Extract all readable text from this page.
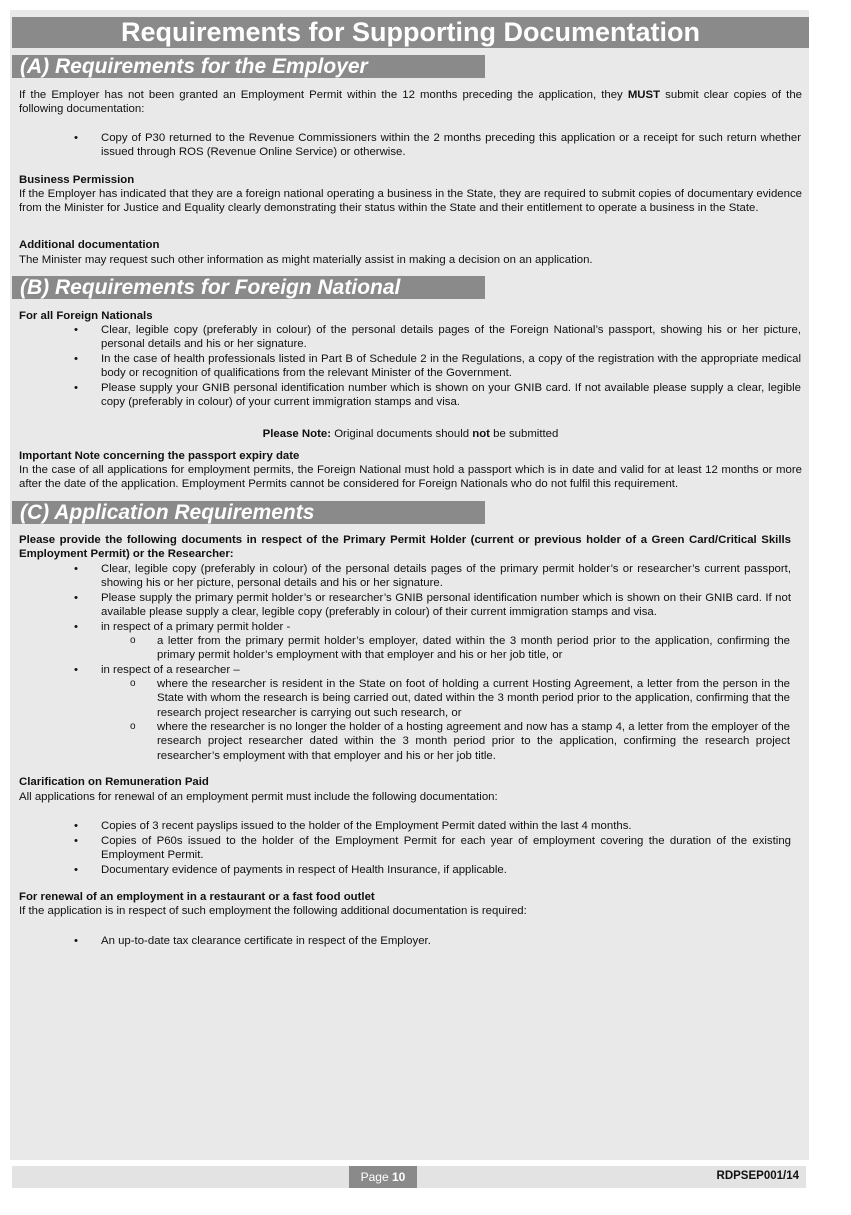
Requirements for Supporting Documentation
(A) Requirements for the Employer
If the Employer has not been granted an Employment Permit within the 12 months preceding the application, they MUST submit clear copies of the following documentation:
• Copy of P30 returned to the Revenue Commissioners within the 2 months preceding this application or a receipt for such return whether issued through ROS (Revenue Online Service) or otherwise.
Business Permission
If the Employer has indicated that they are a foreign national operating a business in the State, they are required to submit copies of documentary evidence from the Minister for Justice and Equality clearly demonstrating their status within the State and their entitlement to operate a business in the State.
Additional documentation
The Minister may request such other information as might materially assist in making a decision on an application.
(B) Requirements for Foreign National
For all Foreign Nationals
• Clear, legible copy (preferably in colour) of the personal details pages of the Foreign National’s passport, showing his or her picture, personal details and his or her signature.
• In the case of health professionals listed in Part B of Schedule 2 in the Regulations, a copy of the registration with the appropriate medical body or recognition of qualifications from the relevant Minister of the Government.
• Please supply your GNIB personal identification number which is shown on your GNIB card. If not available please supply a clear, legible copy (preferably in colour) of your current immigration stamps and visa.
Please Note: Original documents should not be submitted
Important Note concerning the passport expiry date
In the case of all applications for employment permits, the Foreign National must hold a passport which is in date and valid for at least 12 months or more after the date of the application. Employment Permits cannot be considered for Foreign Nationals who do not fulfil this requirement.
(C) Application Requirements
Please provide the following documents in respect of the Primary Permit Holder (current or previous holder of a Green Card/Critical Skills Employment Permit) or the Researcher:
• Clear, legible copy (preferably in colour) of the personal details pages of the primary permit holder’s or researcher’s current passport, showing his or her picture, personal details and his or her signature.
• Please supply the primary permit holder’s or researcher’s GNIB personal identification number which is shown on their GNIB card. If not available please supply a clear, legible copy (preferably in colour) of their current immigration stamps and visa.
• in respect of a primary permit holder -
o a letter from the primary permit holder’s employer, dated within the 3 month period prior to the application, confirming the primary permit holder’s employment with that employer and his or her job title, or
• in respect of a researcher –
o where the researcher is resident in the State on foot of holding a current Hosting Agreement, a letter from the person in the State with whom the research is being carried out, dated within the 3 month period prior to the application, confirming that the research project researcher is carrying out such research, or
o where the researcher is no longer the holder of a hosting agreement and now has a stamp 4, a letter from the employer of the research project researcher dated within the 3 month period prior to the application, confirming the research project researcher’s employment with that employer and his or her job title.
Clarification on Remuneration Paid
All applications for renewal of an employment permit must include the following documentation:
• Copies of 3 recent payslips issued to the holder of the Employment Permit dated within the last 4 months.
• Copies of P60s issued to the holder of the Employment Permit for each year of employment covering the duration of the existing Employment Permit.
• Documentary evidence of payments in respect of Health Insurance, if applicable.
For renewal of an employment in a restaurant or a fast food outlet
If the application is in respect of such employment the following additional documentation is required:
• An up-to-date tax clearance certificate in respect of the Employer.
Page 10	RDPSEP001/14
